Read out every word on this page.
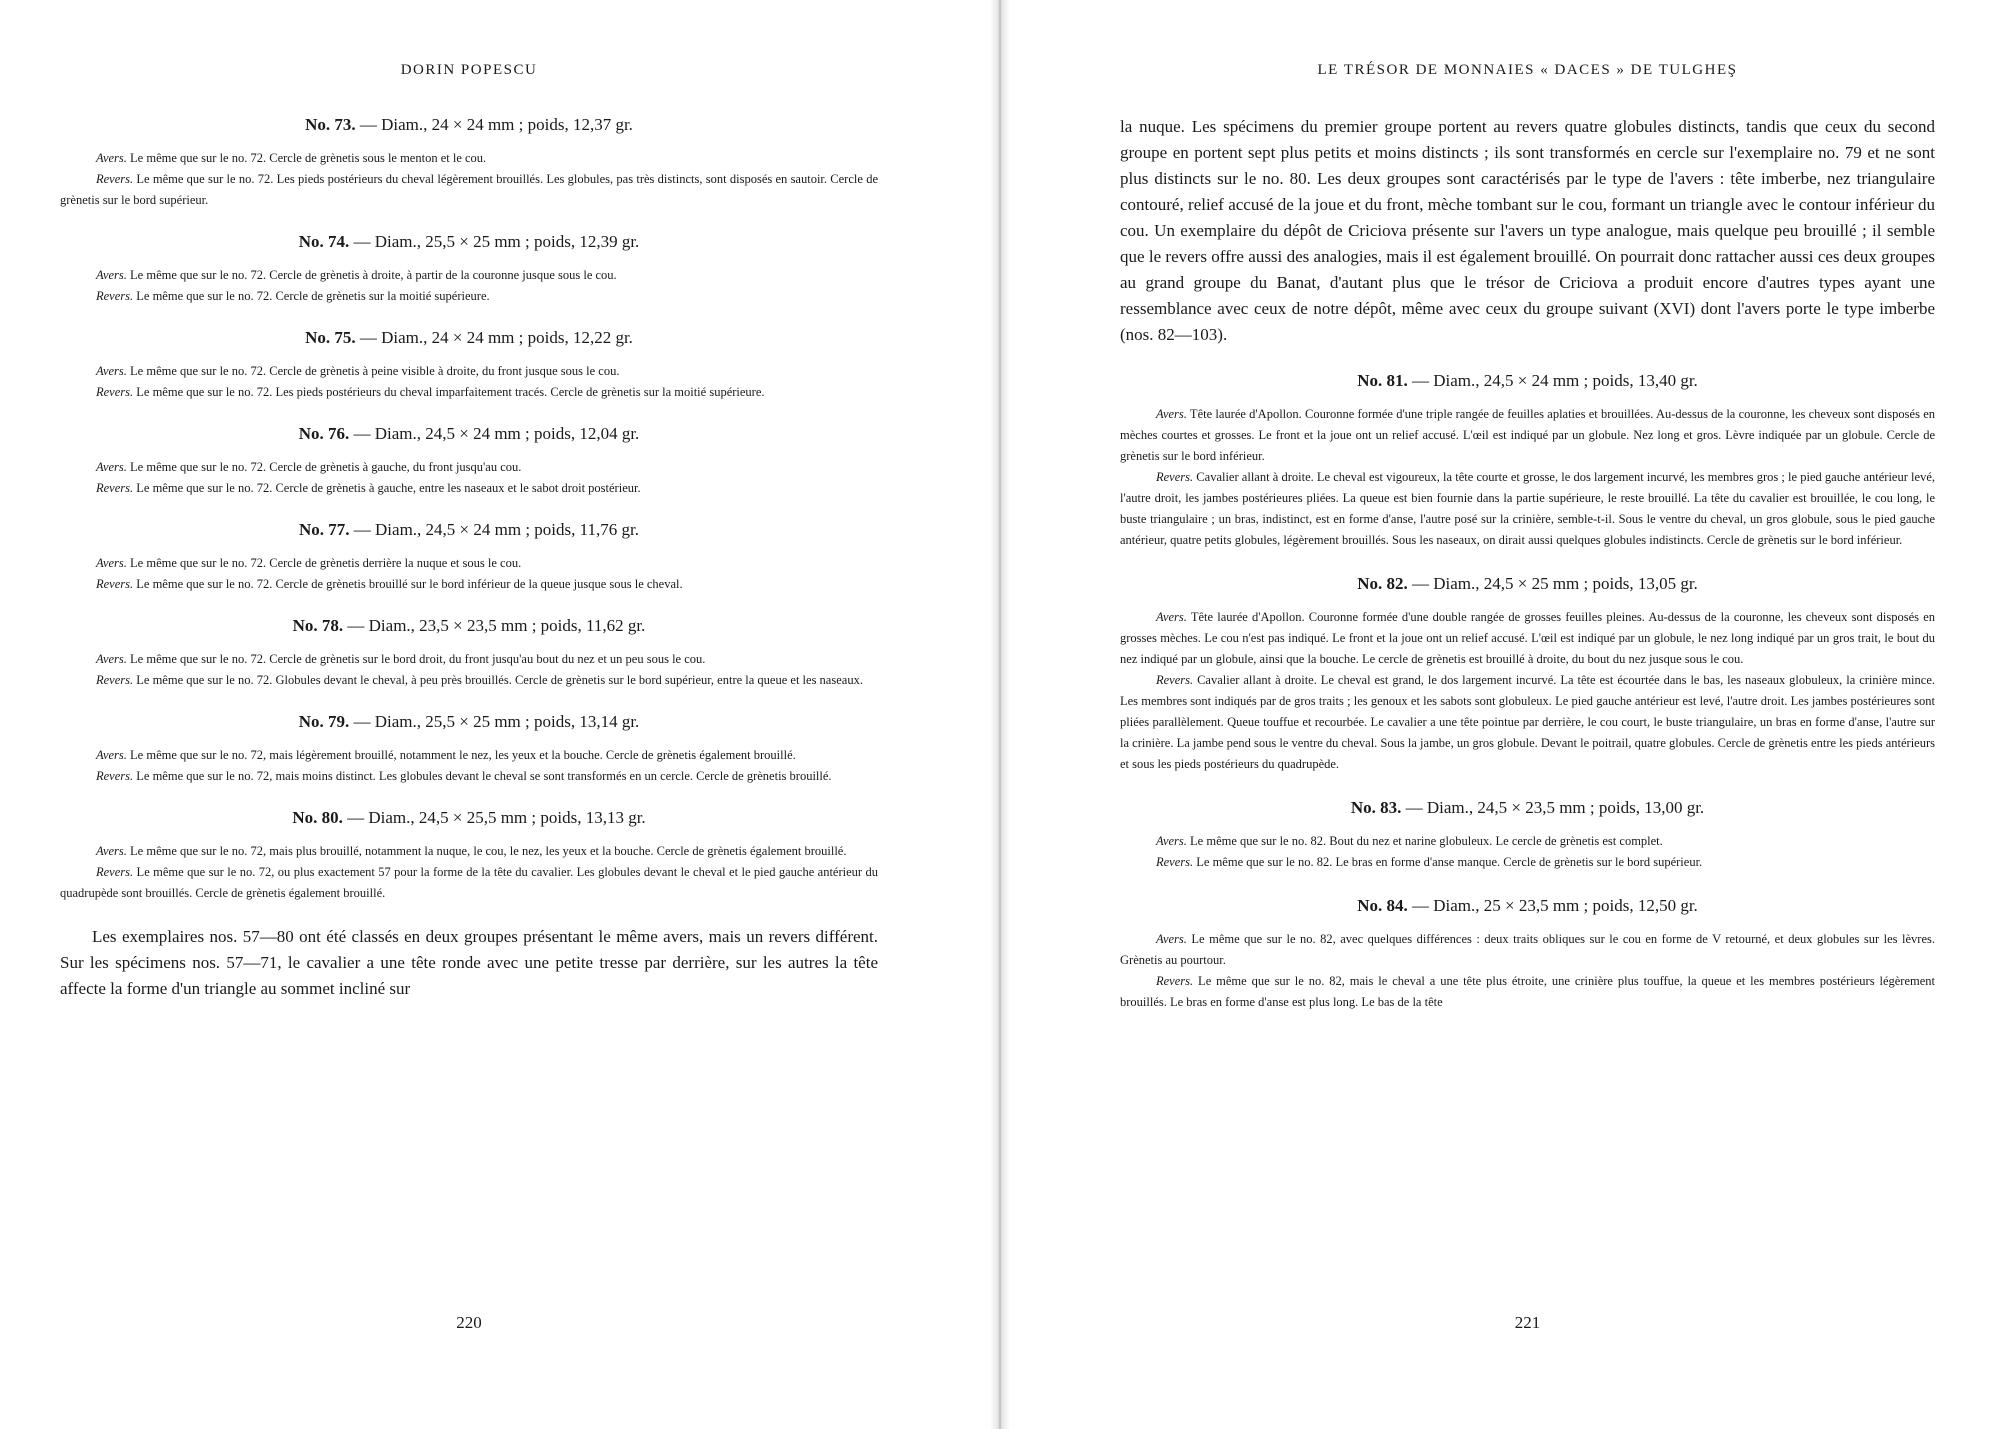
DORIN POPESCU
No. 73. — Diam., 24 × 24 mm ; poids, 12,37 gr.

Avers. Le même que sur le no. 72. Cercle de grènetis sous le menton et le cou.

Revers. Le même que sur le no. 72. Les pieds postérieurs du cheval légèrement brouillés. Les globules, pas très distincts, sont disposés en sautoir. Cercle de grènetis sur le bord supérieur.

No. 74. — Diam., 25,5 × 25 mm ; poids, 12,39 gr.

Avers. Le même que sur le no. 72. Cercle de grènetis à droite, à partir de la couronne jusque sous le cou.

Revers. Le même que sur le no. 72. Cercle de grènetis sur la moitié supérieure.

No. 75. — Diam., 24 × 24 mm ; poids, 12,22 gr.

Avers. Le même que sur le no. 72. Cercle de grènetis à peine visible à droite, du front jusque sous le cou.

Revers. Le même que sur le no. 72. Les pieds postérieurs du cheval imparfaitement tracés. Cercle de grènetis sur la moitié supérieure.

No. 76. — Diam., 24,5 × 24 mm ; poids, 12,04 gr.

Avers. Le même que sur le no. 72. Cercle de grènetis à gauche, du front jusqu'au cou.

Revers. Le même que sur le no. 72. Cercle de grènetis à gauche, entre les naseaux et le sabot droit postérieur.

No. 77. — Diam., 24,5 × 24 mm ; poids, 11,76 gr.

Avers. Le même que sur le no. 72. Cercle de grènetis derrière la nuque et sous le cou.

Revers. Le même que sur le no. 72. Cercle de grènetis brouillé sur le bord inférieur de la queue jusque sous le cheval.

No. 78. — Diam., 23,5 × 23,5 mm ; poids, 11,62 gr.

Avers. Le même que sur le no. 72. Cercle de grènetis sur le bord droit, du front jusqu'au bout du nez et un peu sous le cou.

Revers. Le même que sur le no. 72. Globules devant le cheval, à peu près brouillés. Cercle de grènetis sur le bord supérieur, entre la queue et les naseaux.

No. 79. — Diam., 25,5 × 25 mm ; poids, 13,14 gr.

Avers. Le même que sur le no. 72, mais légèrement brouillé, notamment le nez, les yeux et la bouche. Cercle de grènetis également brouillé.

Revers. Le même que sur le no. 72, mais moins distinct. Les globules devant le cheval se sont transformés en un cercle. Cercle de grènetis brouillé.

No. 80. — Diam., 24,5 × 25,5 mm ; poids, 13,13 gr.

Avers. Le même que sur le no. 72, mais plus brouillé, notamment la nuque, le cou, le nez, les yeux et la bouche. Cercle de grènetis également brouillé.

Revers. Le même que sur le no. 72, ou plus exactement 57 pour la forme de la tête du cavalier. Les globules devant le cheval et le pied gauche antérieur du quadrupède sont brouillés. Cercle de grènetis également brouillé.

Les exemplaires nos. 57—80 ont été classés en deux groupes présentant le même avers, mais un revers différent. Sur les spécimens nos. 57—71, le cavalier a une tête ronde avec une petite tresse par derrière, sur les autres la tête affecte la forme d'un triangle au sommet incliné sur

220
LE TRÉSOR DE MONNAIES « DACES » DE TULGHEŞ

la nuque. Les spécimens du premier groupe portent au revers quatre globules distincts, tandis que ceux du second groupe en portent sept plus petits et moins distincts ; ils sont transformés en cercle sur l'exemplaire no. 79 et ne sont plus distincts sur le no. 80. Les deux groupes sont caractérisés par le type de l'avers : tête imberbe, nez triangulaire contouré, relief accusé de la joue et du front, mèche tombant sur le cou, formant un triangle avec le contour inférieur du cou. Un exemplaire du dépôt de Criciova présente sur l'avers un type analogue, mais quelque peu brouillé ; il semble que le revers offre aussi des analogies, mais il est également brouillé. On pourrait donc rattacher aussi ces deux groupes au grand groupe du Banat, d'autant plus que le trésor de Criciova a produit encore d'autres types ayant une ressemblance avec ceux de notre dépôt, même avec ceux du groupe suivant (XVI) dont l'avers porte le type imberbe (nos. 82—103).

No. 81. — Diam., 24,5 × 24 mm ; poids, 13,40 gr.

Avers. Tête laurée d'Apollon. Couronne formée d'une triple rangée de feuilles aplaties et brouillées. Au-dessus de la couronne, les cheveux sont disposés en mèches courtes et grosses. Le front et la joue ont un relief accusé. L'œil est indiqué par un globule. Nez long et gros. Lèvre indiquée par un globule. Cercle de grènetis sur le bord inférieur.

Revers. Cavalier allant à droite. Le cheval est vigoureux, la tête courte et grosse, le dos largement incurvé, les membres gros ; le pied gauche antérieur levé, l'autre droit, les jambes postérieures pliées. La queue est bien fournie dans la partie supérieure, le reste brouillé. La tête du cavalier est brouillée, le cou long, le buste triangulaire ; un bras, indistinct, est en forme d'anse, l'autre posé sur la crinière, semble-t-il. Sous le ventre du cheval, un gros globule, sous le pied gauche antérieur, quatre petits globules, légèrement brouillés. Sous les naseaux, on dirait aussi quelques globules indistincts. Cercle de grènetis sur le bord inférieur.

No. 82. — Diam., 24,5 × 25 mm ; poids, 13,05 gr.

Avers. Tête laurée d'Apollon. Couronne formée d'une double rangée de grosses feuilles pleines. Au-dessus de la couronne, les cheveux sont disposés en grosses mèches. Le cou n'est pas indiqué. Le front et la joue ont un relief accusé. L'œil est indiqué par un globule, le nez long indiqué par un gros trait, le bout du nez indiqué par un globule, ainsi que la bouche. Le cercle de grènetis est brouillé à droite, du bout du nez jusque sous le cou.

Revers. Cavalier allant à droite. Le cheval est grand, le dos largement incurvé. La tête est écourtée dans le bas, les naseaux globuleux, la crinière mince. Les membres sont indiqués par de gros traits ; les genoux et les sabots sont globuleux. Le pied gauche antérieur est levé, l'autre droit. Les jambes postérieures sont pliées parallèlement. Queue touffue et recourbée. Le cavalier a une tête pointue par derrière, le cou court, le buste triangulaire, un bras en forme d'anse, l'autre sur la crinière. La jambe pend sous le ventre du cheval. Sous la jambe, un gros globule. Devant le poitrail, quatre globules. Cercle de grènetis entre les pieds antérieurs et sous les pieds postérieurs du quadrupède.

No. 83. — Diam., 24,5 × 23,5 mm ; poids, 13,00 gr.

Avers. Le même que sur le no. 82. Bout du nez et narine globuleux. Le cercle de grènetis est complet.

Revers. Le même que sur le no. 82. Le bras en forme d'anse manque. Cercle de grènetis sur le bord supérieur.

No. 84. — Diam., 25 × 23,5 mm ; poids, 12,50 gr.

Avers. Le même que sur le no. 82, avec quelques différences : deux traits obliques sur le cou en forme de V retourné, et deux globules sur les lèvres. Grènetis au pourtour.

Revers. Le même que sur le no. 82, mais le cheval a une tête plus étroite, une crinière plus touffue, la queue et les membres postérieurs légèrement brouillés. Le bras en forme d'anse est plus long. Le bas de la tête

221
